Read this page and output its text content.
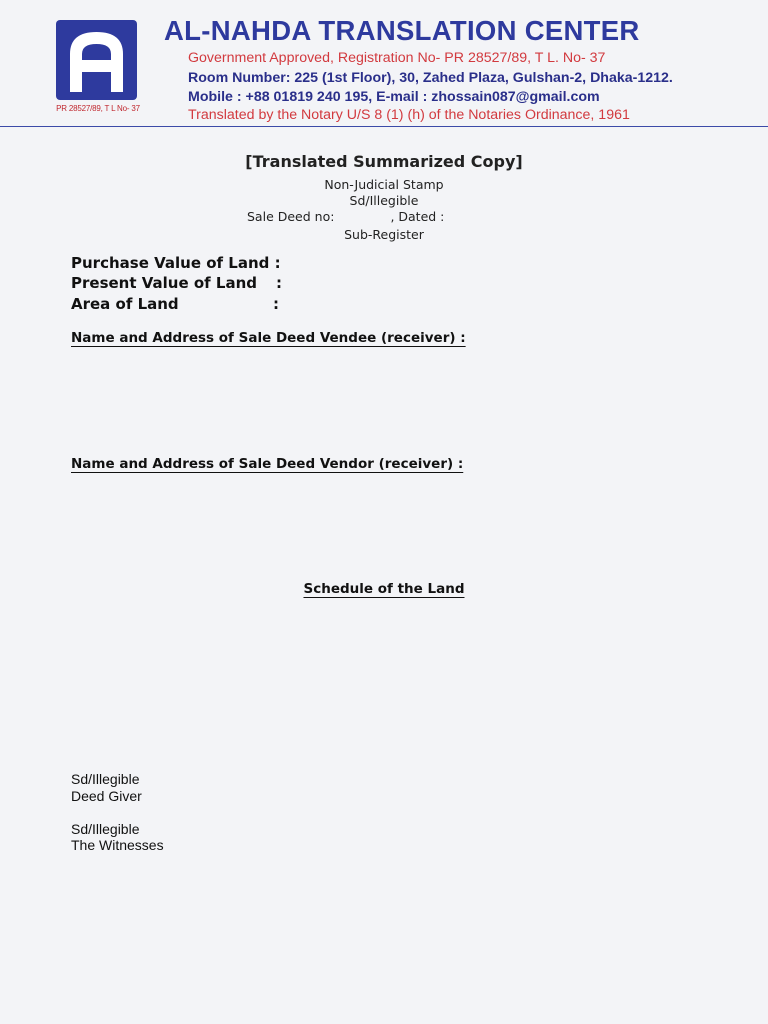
PR 28527/89, T L No- 37
AL-NAHDA TRANSLATION CENTER
Government Approved, Registration No- PR 28527/89, T L. No- 37
Room Number: 225 (1st Floor), 30, Zahed Plaza, Gulshan-2, Dhaka-1212.
Mobile : +88 01819 240 195, E-mail : zhossain087@gmail.com
Translated by the Notary U/S 8 (1) (h) of the Notaries Ordinance, 1961
[Translated Summarized Copy]
Non-Judicial Stamp
Sd/Illegible
Sale Deed no:	, Dated :
Sub-Register
Purchase Value of Land :
Present Value of Land :
Area of Land	:
Name and Address of Sale Deed Vendee (receiver) :
Name and Address of Sale Deed Vendor (receiver) :
Schedule of the Land
Sd/Illegible
Deed Giver
Sd/Illegible
The Witnesses
